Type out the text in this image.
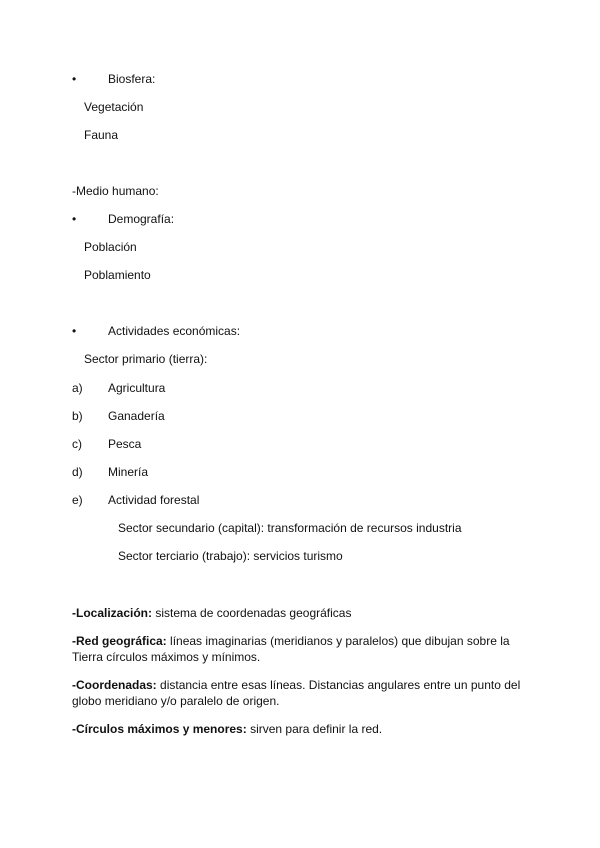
•	Biosfera:
Vegetación
Fauna
-Medio humano:
•	Demografía:
Población
Poblamiento
•	Actividades económicas:
Sector primario (tierra):
a) Agricultura
b) Ganadería
c) Pesca
d) Minería
e) Actividad forestal
Sector secundario (capital): transformación de recursos industria
Sector terciario (trabajo): servicios turismo
-Localización: sistema de coordenadas geográficas
-Red geográfica: líneas imaginarias (meridianos y paralelos) que dibujan sobre la Tierra círculos máximos y mínimos.
-Coordenadas: distancia entre esas líneas. Distancias angulares entre un punto del globo meridiano y/o paralelo de origen.
-Círculos máximos y menores: sirven para definir la red.
